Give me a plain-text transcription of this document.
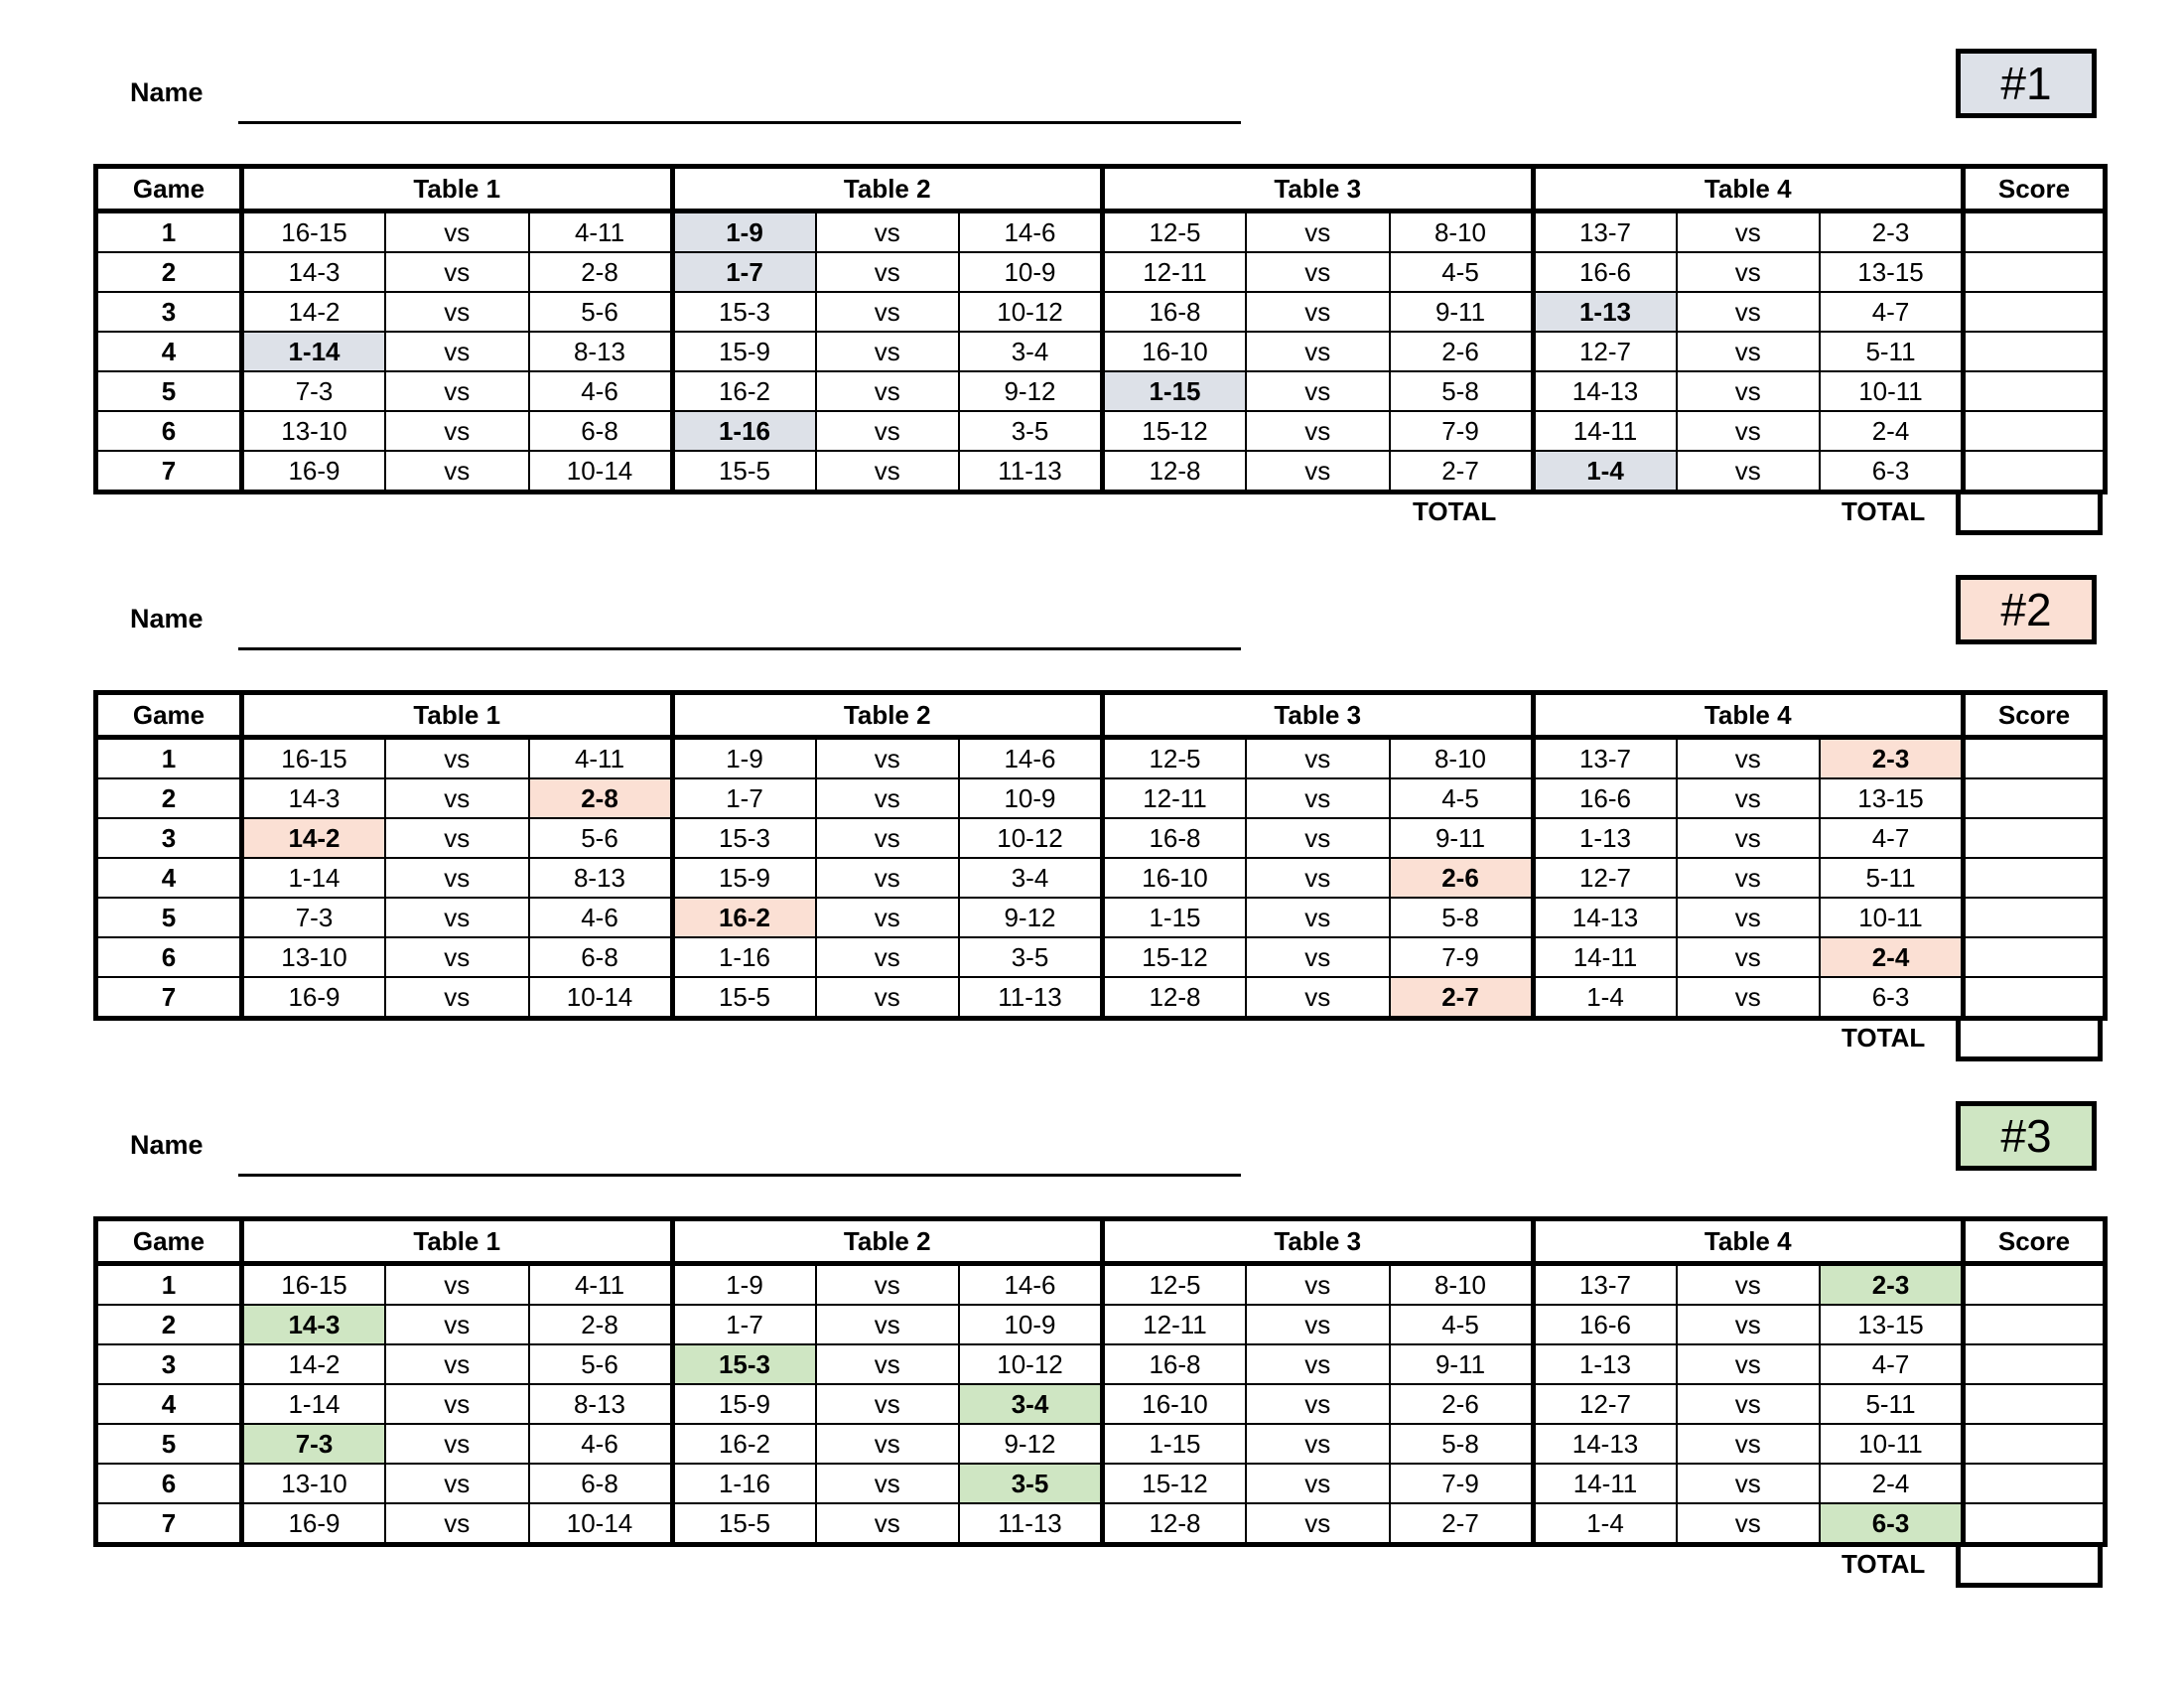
Name	#1
Game	Table 1			Table 2			Table 3			Table 4			Score
1	16-15	vs	4-11	1-9	vs	14-6	12-5	vs	8-10	13-7	vs	2-3	
2	14-3	vs	2-8	1-7	vs	10-9	12-11	vs	4-5	16-6	vs	13-15	
3	14-2	vs	5-6	15-3	vs	10-12	16-8	vs	9-11	1-13	vs	4-7	
4	1-14	vs	8-13	15-9	vs	3-4	16-10	vs	2-6	12-7	vs	5-11	
5	7-3	vs	4-6	16-2	vs	9-12	1-15	vs	5-8	14-13	vs	10-11	
6	13-10	vs	6-8	1-16	vs	3-5	15-12	vs	7-9	14-11	vs	2-4	
7	16-9	vs	10-14	15-5	vs	11-13	12-8	vs	2-7	1-4	vs	6-3	
TOTAL	TOTAL
Name	#2
Game	Table 1			Table 2			Table 3			Table 4			Score
1	16-15	vs	4-11	1-9	vs	14-6	12-5	vs	8-10	13-7	vs	2-3	
2	14-3	vs	2-8	1-7	vs	10-9	12-11	vs	4-5	16-6	vs	13-15	
3	14-2	vs	5-6	15-3	vs	10-12	16-8	vs	9-11	1-13	vs	4-7	
4	1-14	vs	8-13	15-9	vs	3-4	16-10	vs	2-6	12-7	vs	5-11	
5	7-3	vs	4-6	16-2	vs	9-12	1-15	vs	5-8	14-13	vs	10-11	
6	13-10	vs	6-8	1-16	vs	3-5	15-12	vs	7-9	14-11	vs	2-4	
7	16-9	vs	10-14	15-5	vs	11-13	12-8	vs	2-7	1-4	vs	6-3	
TOTAL
Name	#3
Game	Table 1			Table 2			Table 3			Table 4			Score
1	16-15	vs	4-11	1-9	vs	14-6	12-5	vs	8-10	13-7	vs	2-3	
2	14-3	vs	2-8	1-7	vs	10-9	12-11	vs	4-5	16-6	vs	13-15	
3	14-2	vs	5-6	15-3	vs	10-12	16-8	vs	9-11	1-13	vs	4-7	
4	1-14	vs	8-13	15-9	vs	3-4	16-10	vs	2-6	12-7	vs	5-11	
5	7-3	vs	4-6	16-2	vs	9-12	1-15	vs	5-8	14-13	vs	10-11	
6	13-10	vs	6-8	1-16	vs	3-5	15-12	vs	7-9	14-11	vs	2-4	
7	16-9	vs	10-14	15-5	vs	11-13	12-8	vs	2-7	1-4	vs	6-3	
TOTAL
